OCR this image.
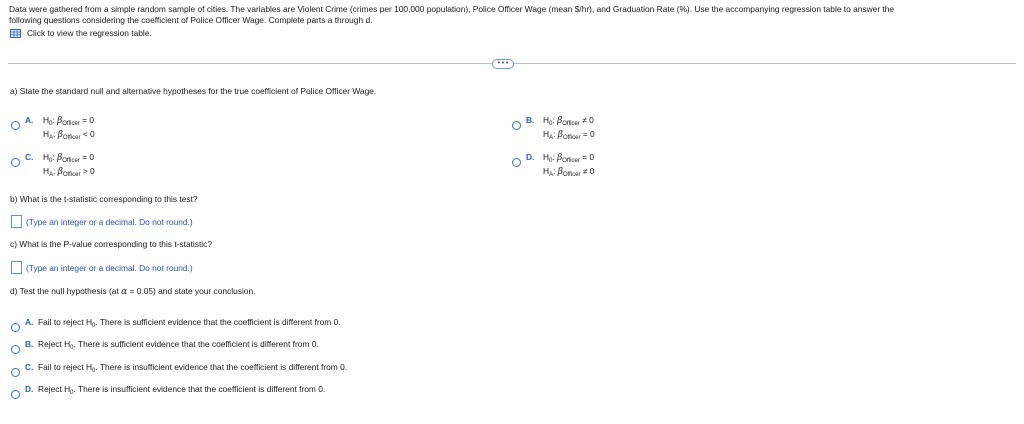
Data were gathered from a simple random sample of cities. The variables are Violent Crime (crimes per 100,000 population), Police Officer Wage (mean $/hr), and Graduation Rate (%). Use the accompanying regression table to answer the
following questions considering the coefficient of Police Officer Wage. Complete parts a through d.
Click to view the regression table.
•••
a) State the standard null and alternative hypotheses for the true coefficient of Police Officer Wage.
A. $H_0$: $\beta_{Officer} = 0$
$H_A$: $\beta_{Officer} < 0$
B. $H_0$: $\beta_{Officer} \ne 0$
$H_A$: $\beta_{Officer} = 0$
C. $H_0$: $\beta_{Officer} = 0$
$H_A$: $\beta_{Officer} > 0$
D. $H_0$: $\beta_{Officer} = 0$
$H_A$: $\beta_{Officer} \ne 0$
b) What is the t-statistic corresponding to this test?
(Type an integer or a decimal. Do not round.)
c) What is the P-value corresponding to this t-statistic?
(Type an integer or a decimal. Do not round.)
d) Test the null hypothesis (at α = 0.05) and state your conclusion.
A. Fail to reject $H_0$. There is sufficient evidence that the coefficient is different from 0.
B. Reject $H_0$. There is sufficient evidence that the coefficient is different from 0.
C. Fail to reject $H_0$. There is insufficient evidence that the coefficient is different from 0.
D. Reject $H_0$. There is insufficient evidence that the coefficient is different from 0.
